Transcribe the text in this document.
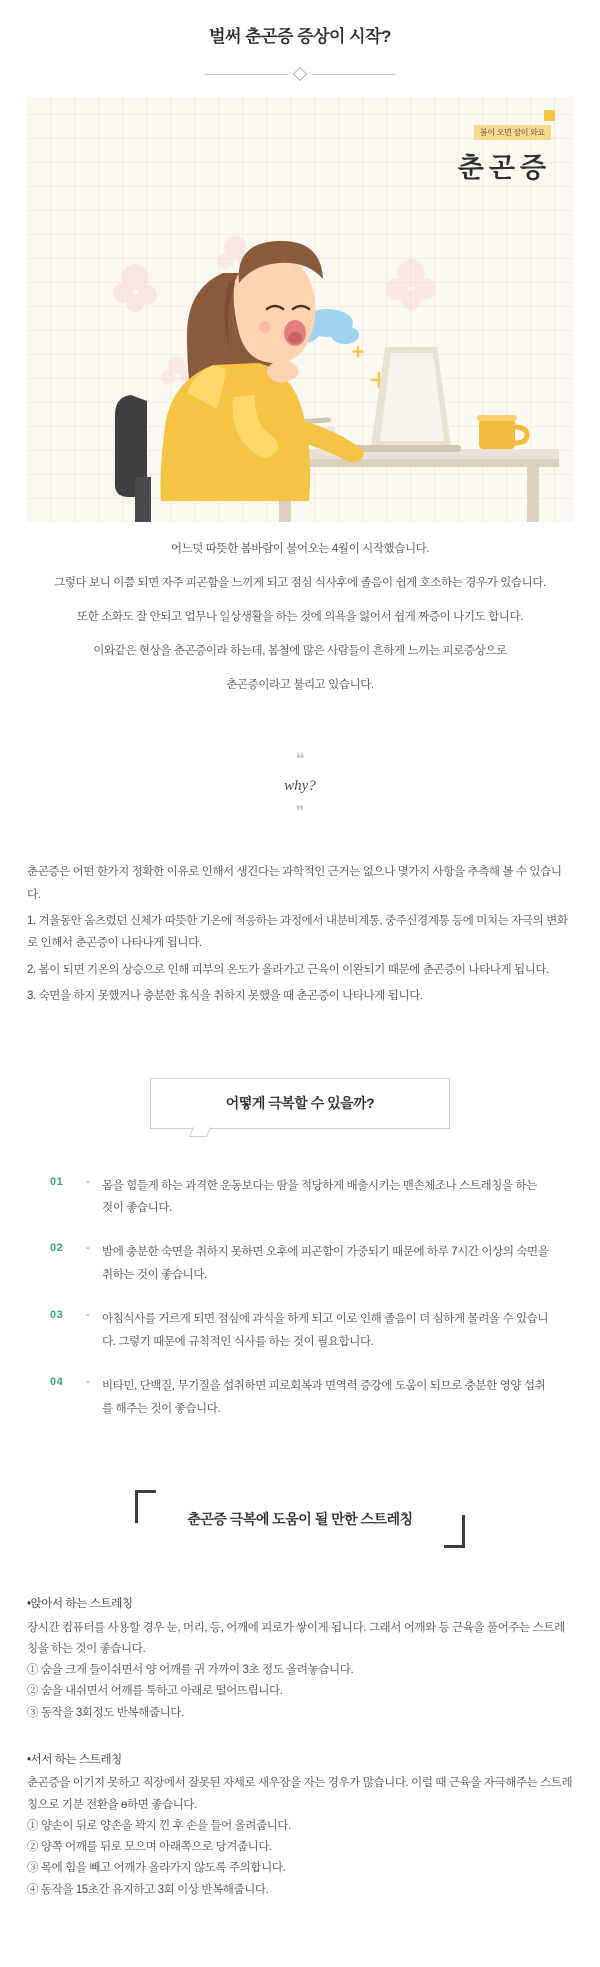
벌써 춘곤증 증상이 시작?
봄이 오면 잠이 와요
춘곤증

어느덧 따뜻한 봄바람이 불어오는 4월이 시작했습니다.

그렇다 보니 이쯤 되면 자주 피곤함을 느끼게 되고 점심 식사후에 졸음이 쉽게 호소하는 경우가 있습니다.

또한 소화도 잘 안되고 업무나 일상생활을 하는 것에 의욕을 잃어서 쉽게 짜증이 나기도 합니다.

이와같은 현상을 춘곤증이라 하는데, 봄철에 많은 사람들이 흔하게 느끼는 피로증상으로

춘곤증이라고 불리고 있습니다.

❝
why?
❞

춘곤증은 어떤 한가지 정확한 이유로 인해서 생긴다는 과학적인 근거는 없으나 몇가지 사항을 추측해 볼 수 있습니다.

1. 겨울동안 움츠렸던 신체가 따뜻한 기온에 적응하는 과정에서 내분비계통, 중주신경계통 등에 미치는 자극의 변화로 인해서 춘곤증이 나타나게 됩니다.

2. 봄이 되면 기온의 상승으로 인해 피부의 온도가 올라가고 근육이 이완되기 때문에 춘곤증이 나타나게 됩니다.

3. 숙면을 하지 못했거나 충분한 휴식을 취하지 못했을 때 춘곤증이 나타나게 됩니다.

어떻게 극복할 수 있을까?
01	-	몸을 힘들게 하는 과격한 운동보다는 땀을 적당하게 배출시키는 맨손체조나 스트레칭을 하는 것이 좋습니다.
02	-	밤에 충분한 숙면을 취하지 못하면 오후에 피곤함이 가중되기 때문에 하루 7시간 이상의 숙면을 취하는 것이 좋습니다.
03	-	아침식사를 거르게 되면 점심에 과식을 하게 되고 이로 인해 졸음이 더 심하게 몰려올 수 있습니다. 그렇기 때문에 규칙적인 식사를 하는 것이 필요합니다.
04	-	비타민, 단백질, 무기질을 섭취하면 피로회복과 면역력 증강에 도움이 되므로 충분한 영양 섭취를 해주는 것이 좋습니다.
춘곤증 극복에 도움이 될 만한 스트레칭
•앉아서 하는 스트레칭

장시간 컴퓨터를 사용할 경우 눈, 머리, 등, 어깨에 피로가 쌓이게 됩니다. 그래서 어깨와 등 근육을 풀어주는 스트레칭을 하는 것이 좋습니다.

① 숨을 크게 들이쉬면서 양 어깨를 귀 가까이 3초 정도 올려놓습니다.

② 숨을 내쉬면서 어깨를 툭하고 아래로 떨어뜨립니다.

③ 동작을 3회정도 반복해줍니다.

•서서 하는 스트레칭

춘곤증을 이기지 못하고 직장에서 잘못된 자세로 새우잠을 자는 경우가 많습니다. 이럴 때 근육을 자극해주는 스트레칭으로 기분 전환을 ө하면 좋습니다.

① 양손이 뒤로 양손을 꽉지 낀 후 손을 들어 올려줍니다.

② 양쪽 어깨를 뒤로 모으며 아래쪽으로 당겨줍니다.

③ 목에 힘을 빼고 어깨가 올라가지 않도록 주의합니다.

④ 동작을 15초간 유지하고 3회 이상 반복해줍니다.
